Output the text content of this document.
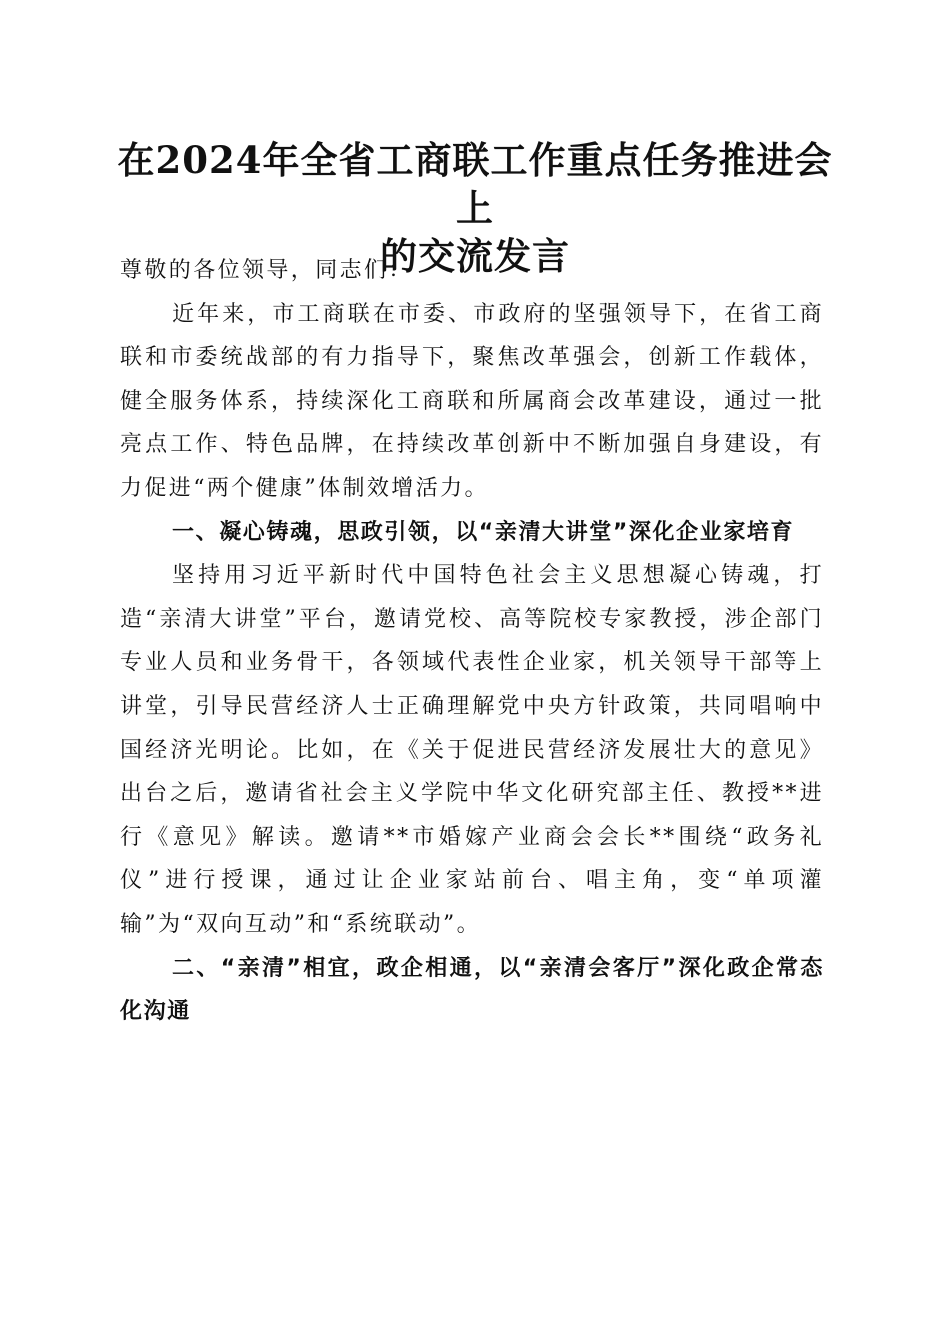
在2024年全省工商联工作重点任务推进会上
的交流发言

尊敬的各位领导，同志们：

近年来，市工商联在市委、市政府的坚强领导下，在省工商联和市委统战部的有力指导下，聚焦改革强会，创新工作载体，健全服务体系，持续深化工商联和所属商会改革建设，通过一批亮点工作、特色品牌，在持续改革创新中不断加强自身建设，有力促进“两个健康”体制效增活力。

一、凝心铸魂，思政引领，以“亲清大讲堂”深化企业家培育

坚持用习近平新时代中国特色社会主义思想凝心铸魂，打造“亲清大讲堂”平台，邀请党校、高等院校专家教授，涉企部门专业人员和业务骨干，各领域代表性企业家，机关领导干部等上讲堂，引导民营经济人士正确理解党中央方针政策，共同唱响中国经济光明论。比如，在《关于促进民营经济发展壮大的意见》出台之后，邀请省社会主义学院中华文化研究部主任、教授**进行《意见》解读。邀请**市婚嫁产业商会会长**围绕“政务礼仪”进行授课，通过让企业家站前台、唱主角，变“单项灌输”为“双向互动”和“系统联动”。

二、“亲清”相宜，政企相通，以“亲清会客厅”深化政企常态化沟通
